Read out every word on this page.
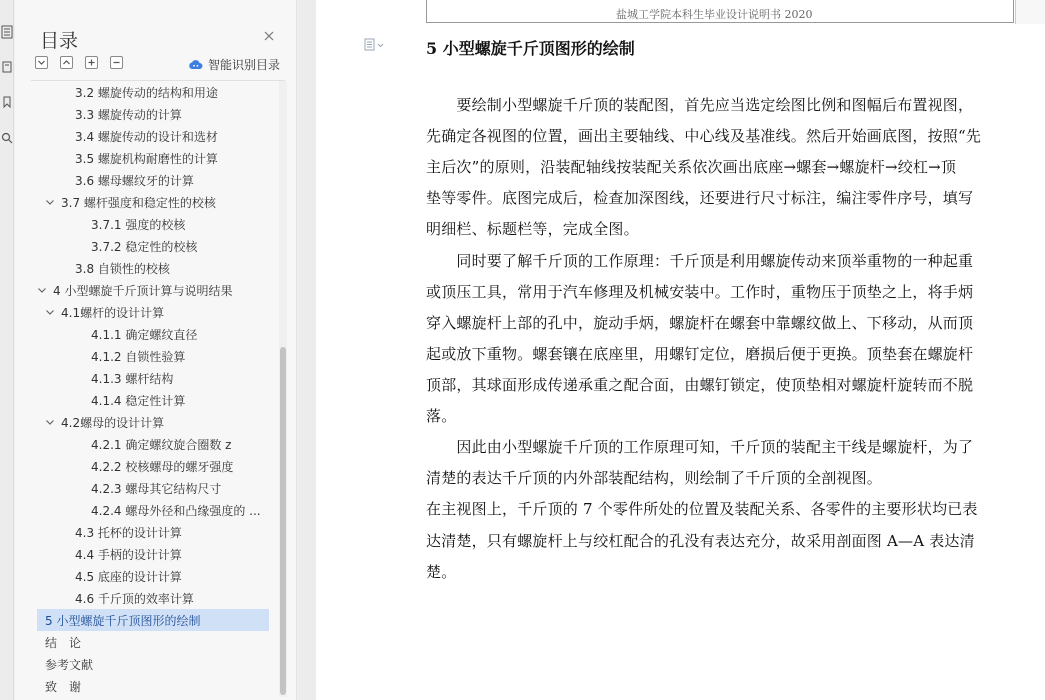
目录
智能识别目录
3.2 螺旋传动的结构和用途
3.3 螺旋传动的计算
3.4 螺旋传动的设计和选材
3.5 螺旋机构耐磨性的计算
3.6 螺母螺纹牙的计算
3.7 螺杆强度和稳定性的校核
3.7.1 强度的校核
3.7.2 稳定性的校核
3.8 自锁性的校核
4 小型螺旋千斤顶计算与说明结果
4.1螺杆的设计计算
4.1.1 确定螺纹直径
4.1.2 自锁性验算
4.1.3 螺杆结构
4.1.4 稳定性计算
4.2螺母的设计计算
4.2.1 确定螺纹旋合圈数 z
4.2.2 校核螺母的螺牙强度
4.2.3 螺母其它结构尺寸
4.2.4 螺母外径和凸缘强度的 ...
4.3 托杯的设计计算
4.4 手柄的设计计算
4.5 底座的设计计算
4.6 千斤顶的效率计算
5 小型螺旋千斤顶图形的绘制
结　论
参考文献
致　谢
盐城工学院本科生毕业设计说明书 2020
5 小型螺旋千斤顶图形的绘制
　　要绘制小型螺旋千斤顶的装配图，首先应当选定绘图比例和图幅后布置视图，
先确定各视图的位置，画出主要轴线、中心线及基准线。然后开始画底图，按照“先
主后次”的原则，沿装配轴线按装配关系依次画出底座→螺套→螺旋杆→绞杠→顶
垫等零件。底图完成后，检查加深图线，还要进行尺寸标注，编注零件序号，填写
明细栏、标题栏等，完成全图。
　　同时要了解千斤顶的工作原理：千斤顶是利用螺旋传动来顶举重物的一种起重
或顶压工具，常用于汽车修理及机械安装中。工作时，重物压于顶垫之上，将手炳
穿入螺旋杆上部的孔中，旋动手炳，螺旋杆在螺套中靠螺纹做上、下移动，从而顶
起或放下重物。螺套镶在底座里，用螺钉定位，磨损后便于更换。顶垫套在螺旋杆
顶部，其球面形成传递承重之配合面，由螺钉锁定，使顶垫相对螺旋杆旋转而不脱
落。
　　因此由小型螺旋千斤顶的工作原理可知，千斤顶的装配主干线是螺旋杆，为了
清楚的表达千斤顶的内外部装配结构，则绘制了千斤顶的全剖视图。
在主视图上，千斤顶的 7 个零件所处的位置及装配关系、各零件的主要形状均已表
达清楚，只有螺旋杆上与绞杠配合的孔没有表达充分，故采用剖面图 A—A 表达清
楚。
